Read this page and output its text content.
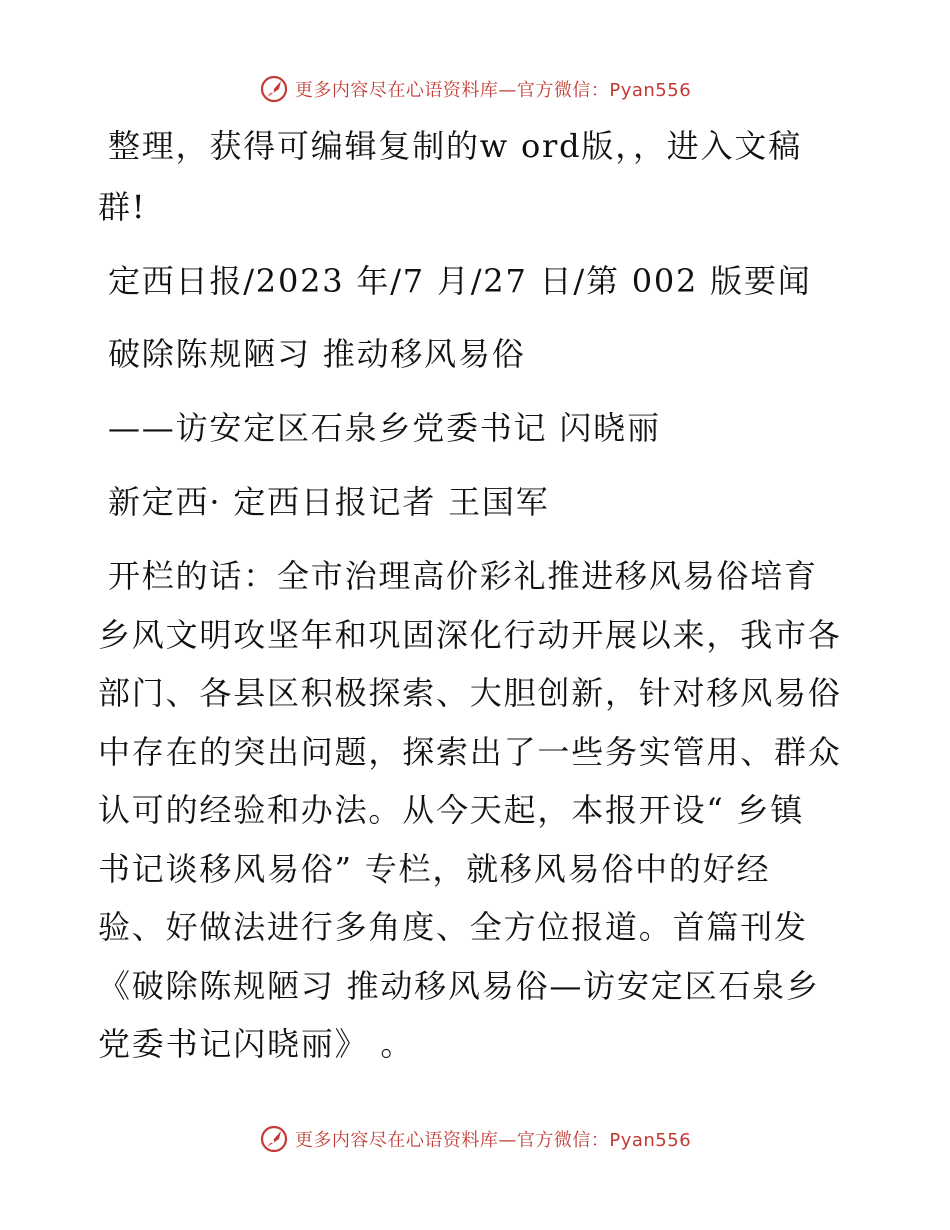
更多内容尽在心语资料库—官方微信：Pyan556
整理，获得可编辑复制的w ord版，，进入文稿
群!
定西日报/2023 年/7 月/27 日/第 002 版要闻
破除陈规陋习 推动移风易俗
——访安定区石泉乡党委书记 闪晓丽
新定西· 定西日报记者 王国军
开栏的话：全市治理高价彩礼推进移风易俗培育
乡风文明攻坚年和巩固深化行动开展以来，我市各
部门、各县区积极探索、大胆创新，针对移风易俗
中存在的突出问题，探索出了一些务实管用、群众
认可的经验和办法。从今天起，本报开设“ 乡镇
书记谈移风易俗” 专栏，就移风易俗中的好经
验、好做法进行多角度、全方位报道。首篇刊发
《破除陈规陋习 推动移风易俗—访安定区石泉乡
党委书记闪晓丽》 。
更多内容尽在心语资料库—官方微信：Pyan556
